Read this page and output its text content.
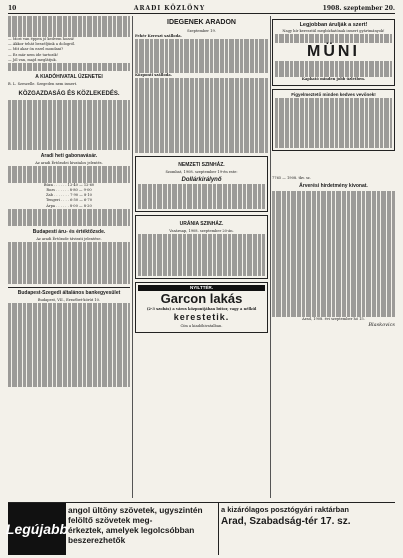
10	ARADI KÖZLÖNY	1908. szeptember 20.

— Most van éppen jó kedvem hozzá!

— Akkor tehát beszéljünk a dologról.

— Mit akar ön ezzel mondani?

— Ez már nem ide tartozik!

— Jól van, majd meglátjuk.

A KIADÓHIVATAL ÜZENETEI

B. L. Szeszelle. Szegeden nem ismert.

KÖZGAZDASÁG ÉS KÖZLEKEDÉS.
Aradi heti gabonavásár.
Az aradi Értőzsdei hivatalos jelentés.

Búza . . . . . . 12·40 — 12·60

Rozs . . . . . . 8·80 — 9·00

Zab . . . . . . . 7·90 — 8·10

Tengeri . . . . 6·50 — 6·70

Árpa . . . . . . 8·00 — 8·20

Budapesti áru- és értéktőzsde.
Az aradi Értőzsde távirati jelentése.
Budapest-Szegedi általános bankegyesület
Budapest, VII., Erzsébet-körút 10.
IDEGENEK ARADON
Szeptember 19.

Fehér Kereszt szálloda.

Központi szálloda.

NEMZETI SZINHÁZ.
Szombat, 1908. szeptember 19-én este:
Dollárkirálynő
URÁNIA SZINHÁZ.
Vasárnap, 1908. szeptember 20-án.
NYILTTÉR.
Garcon lakás
(2-3 szobás) a város központjában bútor, vagy a nélkül
kerestetik.
Cím a kiadóhivatalban.
Legjobban árulják a szert!

Nagy hír keresztül megbízhatónak ismert gyártmányok!

MÜNI

Kapható minden jobb üzletben.

Figyelmeztető minden kedves vevőnek!

7765 — 1908. tkv. sz.

Árverési hirdetmény kivonat.

Arad, 1908. évi szeptember hó 15.

Blaskovics

Legújabb
angol ültöny szövetek, ugyszintén felöltő szövetek meg-
érkeztek, amelyek legolcsóbban beszerezhetők
a kizárólagos posztógyári raktárban
Arad, Szabadság-tér 17. sz.
